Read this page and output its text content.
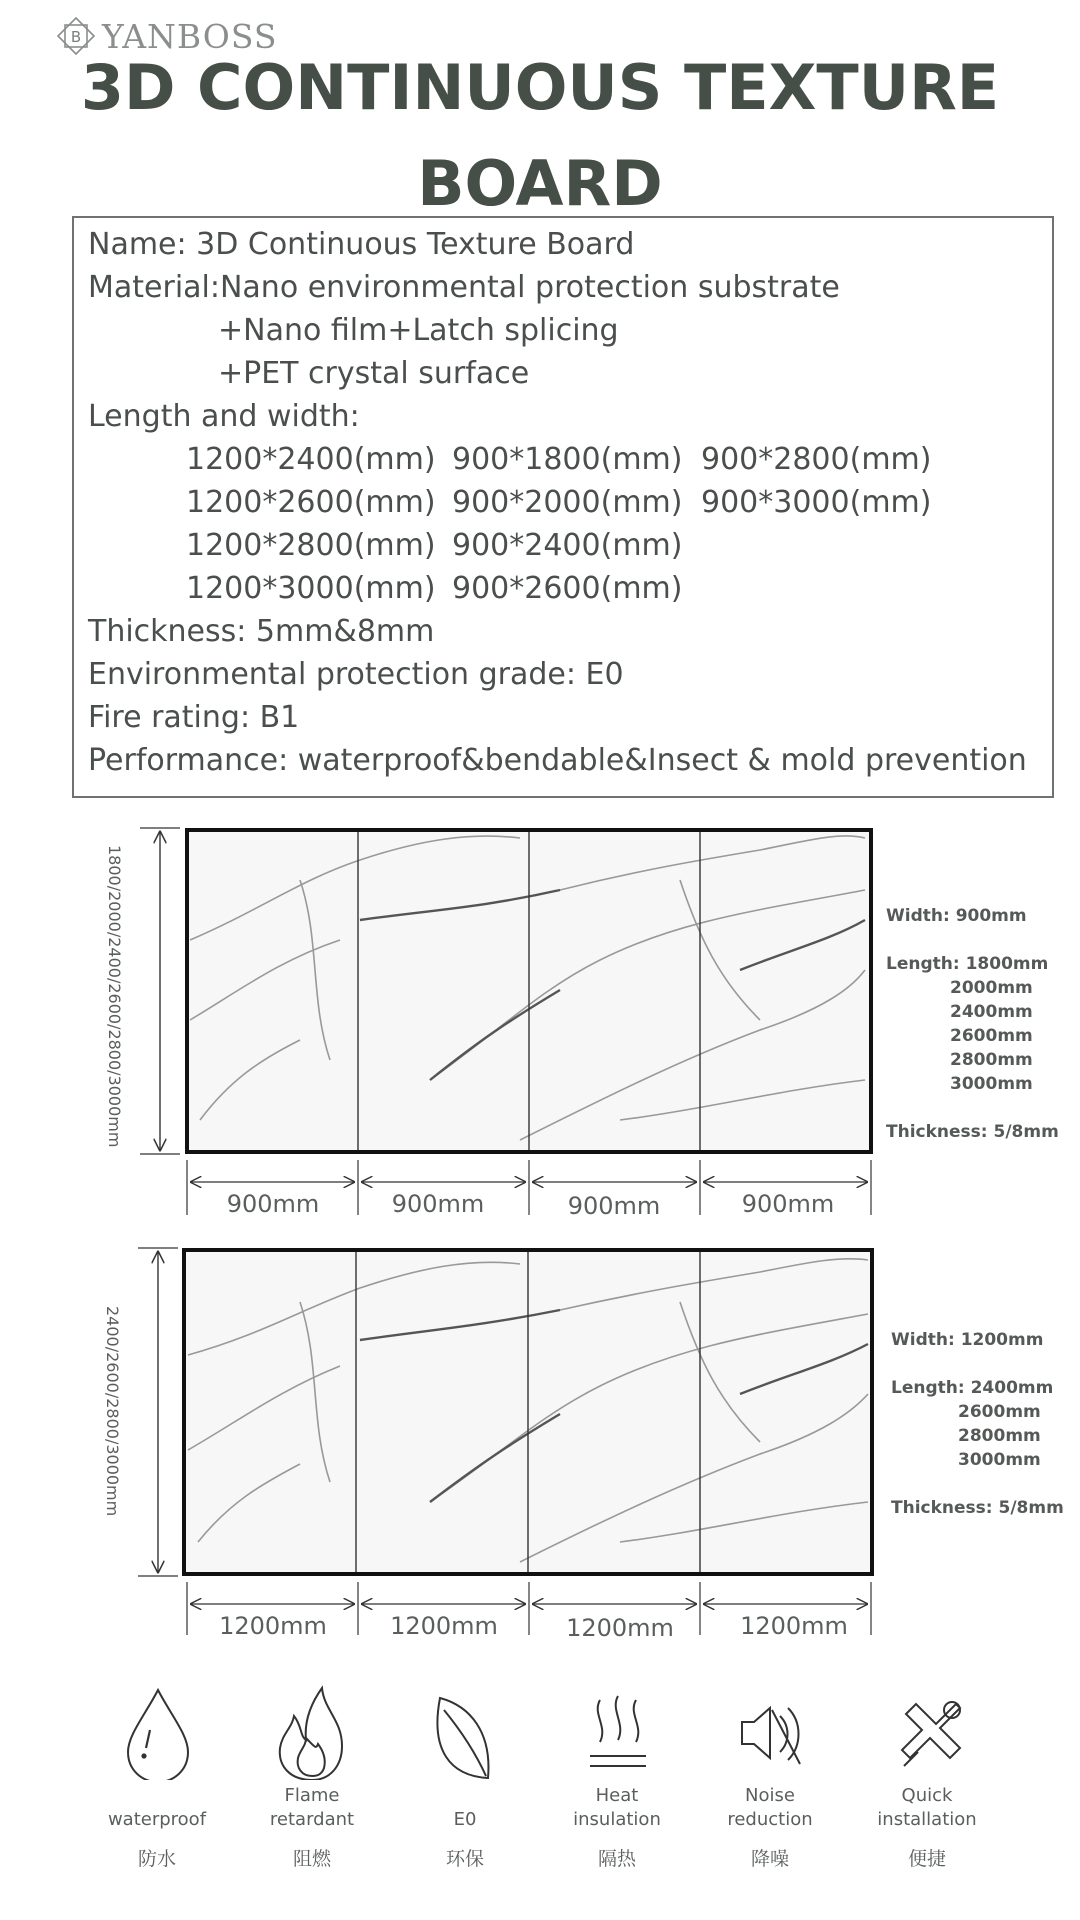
B YANBOSS
3D CONTINUOUS TEXTURE
BOARD
Name: 3D Continuous Texture Board
Material:Nano environmental protection substrate
+Nano film+Latch splicing
+PET crystal surface
Length and width:
1200*2400(mm) 900*1800(mm) 900*2800(mm)
1200*2600(mm) 900*2000(mm) 900*3000(mm)
1200*2800(mm) 900*2400(mm)
1200*3000(mm) 900*2600(mm)
Thickness: 5mm&8mm
Environmental protection grade: E0
Fire rating: B1
Performance: waterproof&bendable&Insect & mold prevention
1800/2000/2400/2600/2800/3000mm
900mm	900mm	900mm	900mm
Width: 900mm
Length: 1800mm
2000mm
2400mm
2600mm
2800mm
3000mm
Thickness: 5/8mm
2400/2600/2800/3000mm
1200mm	1200mm	1200mm	1200mm
Width: 1200mm
Length: 2400mm
2600mm
2800mm
3000mm
Thickness: 5/8mm
waterproof
防水
Flame
retardant
阻燃
E0
环保
Heat
insulation
隔热
Noise
reduction
降噪
Quick
installation
便捷
